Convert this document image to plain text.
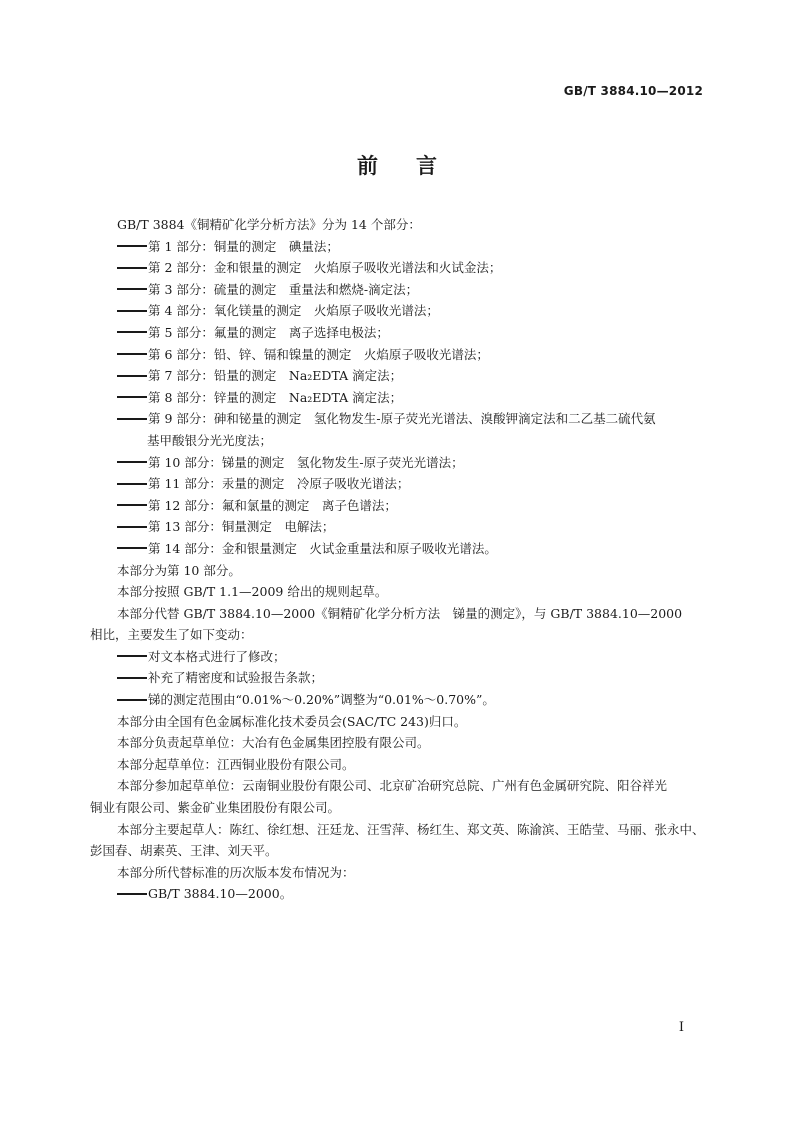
GB/T 3884.10—2012
前言
GB/T 3884《铜精矿化学分析方法》分为 14 个部分：
第 1 部分：铜量的测定　碘量法；
第 2 部分：金和银量的测定　火焰原子吸收光谱法和火试金法；
第 3 部分：硫量的测定　重量法和燃烧-滴定法；
第 4 部分：氧化镁量的测定　火焰原子吸收光谱法；
第 5 部分：氟量的测定　离子选择电极法；
第 6 部分：铅、锌、镉和镍量的测定　火焰原子吸收光谱法；
第 7 部分：铅量的测定　Na₂EDTA 滴定法；
第 8 部分：锌量的测定　Na₂EDTA 滴定法；
第 9 部分：砷和铋量的测定　氢化物发生-原子荧光光谱法、溴酸钾滴定法和二乙基二硫代氨
基甲酸银分光光度法；
第 10 部分：锑量的测定　氢化物发生-原子荧光光谱法；
第 11 部分：汞量的测定　冷原子吸收光谱法；
第 12 部分：氟和氯量的测定　离子色谱法；
第 13 部分：铜量测定　电解法；
第 14 部分：金和银量测定　火试金重量法和原子吸收光谱法。
本部分为第 10 部分。
本部分按照 GB/T 1.1—2009 给出的规则起草。
本部分代替 GB/T 3884.10—2000《铜精矿化学分析方法　锑量的测定》，与 GB/T 3884.10—2000
相比，主要发生了如下变动：
对文本格式进行了修改；
补充了精密度和试验报告条款；
锑的测定范围由“0.01%～0.20%”调整为“0.01%～0.70%”。
本部分由全国有色金属标准化技术委员会(SAC/TC 243)归口。
本部分负责起草单位：大冶有色金属集团控股有限公司。
本部分起草单位：江西铜业股份有限公司。
本部分参加起草单位：云南铜业股份有限公司、北京矿冶研究总院、广州有色金属研究院、阳谷祥光
铜业有限公司、紫金矿业集团股份有限公司。
本部分主要起草人：陈红、徐红想、汪廷龙、汪雪萍、杨红生、郑文英、陈渝滨、王皓莹、马丽、张永中、
彭国春、胡素英、王津、刘天平。
本部分所代替标准的历次版本发布情况为：
GB/T 3884.10—2000。
I
